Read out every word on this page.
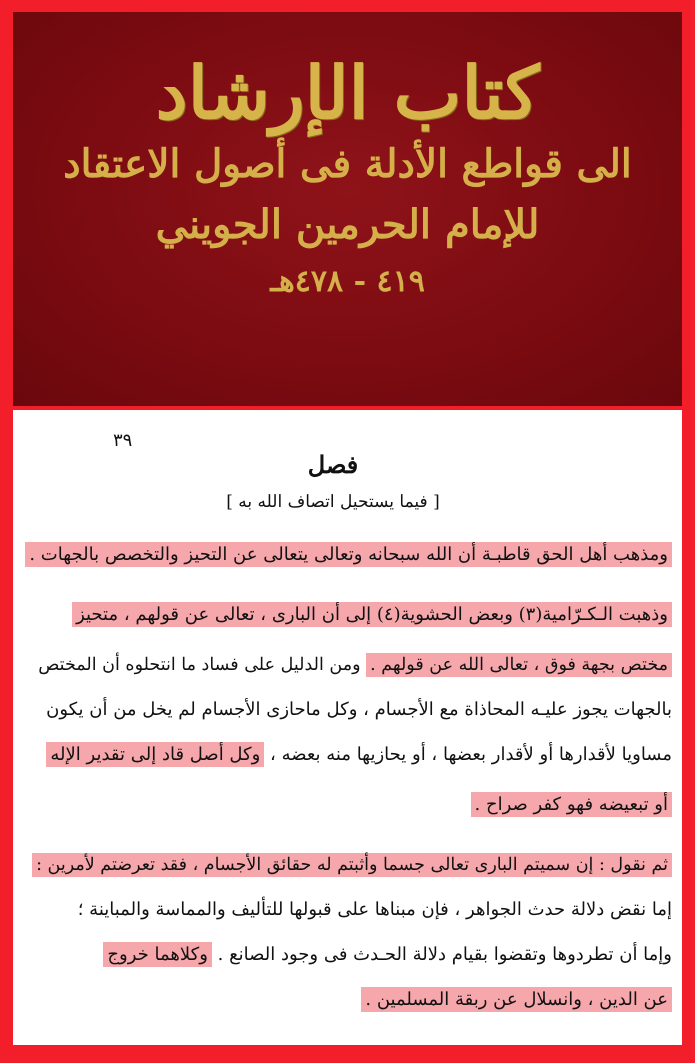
كتاب الإرشاد
الى قواطع الأدلة فى أصول الاعتقاد
للإمام الحرمين الجويني
٤١٩ - ٤٧٨هـ
٣٩
فصل
[ فيما يستحيل اتصاف الله به ]
ومذهب أهل الحق قاطبـة أن الله سبحانه وتعالى يتعالى عن التحيز والتخصص بالجهات .
وذهبت الـكـرّامية(٣) وبعض الحشوية(٤) إلى أن البارى ، تعالى عن قولهم ، متحيز
مختص بجهة فوق ، تعالى الله عن قولهم . ومن الدليل على فساد ما انتحلوه أن المختص
بالجهات يجوز عليـه المحاذاة مع الأجسام ، وكل ماحازى الأجسام لم يخل من أن يكون
مساويا لأقدارها أو لأقدار بعضها ، أو يحازيها منه بعضه ، وكل أصل قاد إلى تقدير الإله
أو تبعيضه فهو كفر صراح .
ثم نقول : إن سميتم البارى تعالى جسما وأثبتم له حقائق الأجسام ، فقد تعرضتم لأمرين :
إما نقض دلالة حدث الجواهر ، فإن مبناها على قبولها للتأليف والمماسة والمباينة ؛
وإما أن تطردوها وتقضوا بقيام دلالة الحـدث فى وجود الصانع . وكلاهما خروج
عن الدين ، وانسلال عن ربقة المسلمين .
